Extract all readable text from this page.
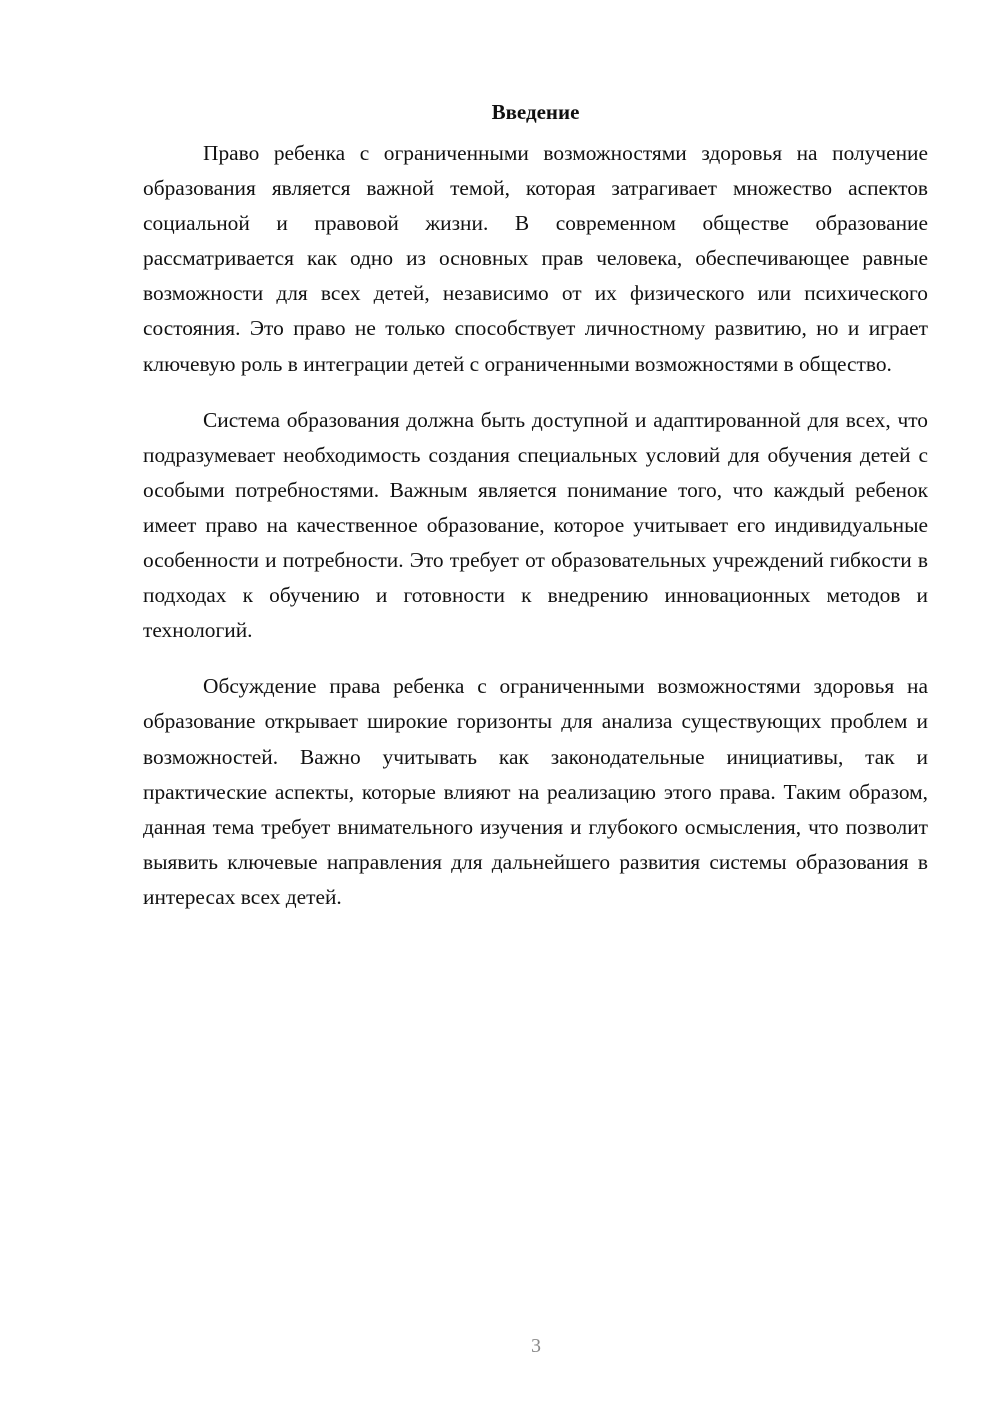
Введение

Право ребенка с ограниченными возможностями здоровья на получение образования является важной темой, которая затрагивает множество аспектов социальной и правовой жизни. В современном обществе образование рассматривается как одно из основных прав человека, обеспечивающее равные возможности для всех детей, независимо от их физического или психического состояния. Это право не только способствует личностному развитию, но и играет ключевую роль в интеграции детей с ограниченными возможностями в общество.

Система образования должна быть доступной и адаптированной для всех, что подразумевает необходимость создания специальных условий для обучения детей с особыми потребностями. Важным является понимание того, что каждый ребенок имеет право на качественное образование, которое учитывает его индивидуальные особенности и потребности. Это требует от образовательных учреждений гибкости в подходах к обучению и готовности к внедрению инновационных методов и технологий.

Обсуждение права ребенка с ограниченными возможностями здоровья на образование открывает широкие горизонты для анализа существующих проблем и возможностей. Важно учитывать как законодательные инициативы, так и практические аспекты, которые влияют на реализацию этого права. Таким образом, данная тема требует внимательного изучения и глубокого осмысления, что позволит выявить ключевые направления для дальнейшего развития системы образования в интересах всех детей.

3
